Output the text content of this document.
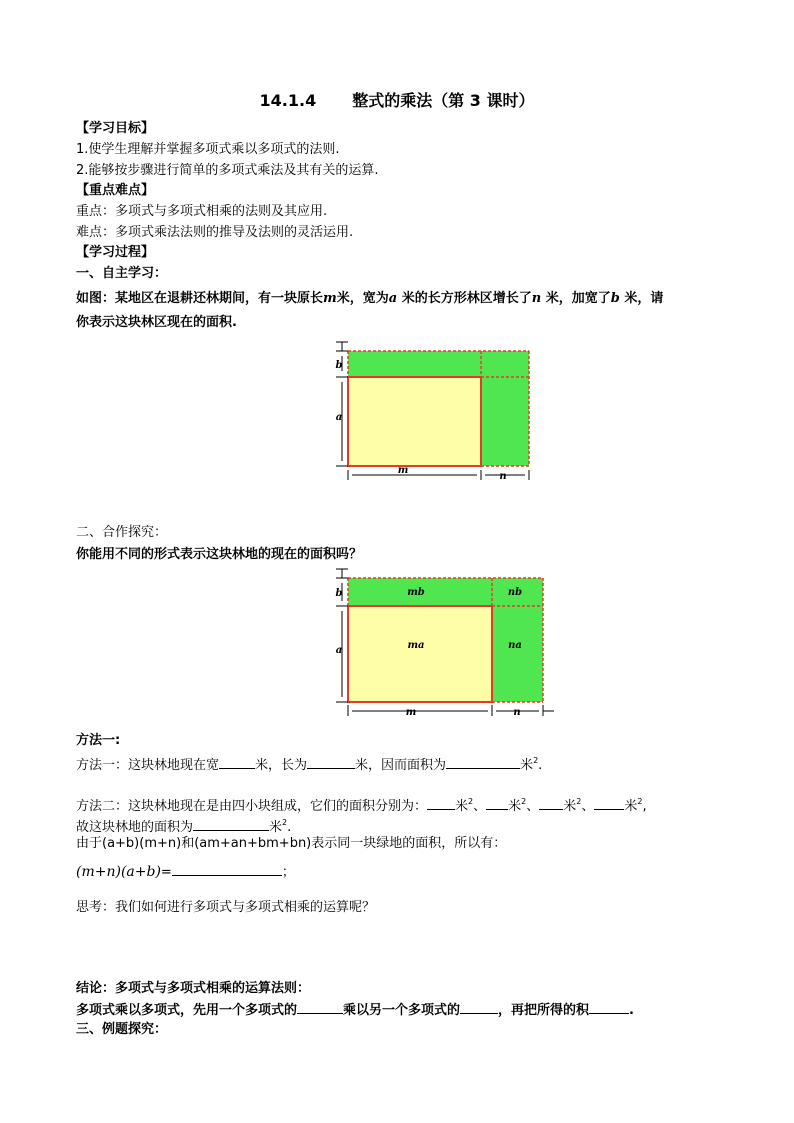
14.1.4 整式的乘法（第 3 课时）
【学习目标】
1.使学生理解并掌握多项式乘以多项式的法则.
2.能够按步骤进行简单的多项式乘法及其有关的运算.
【重点难点】
重点：多项式与多项式相乘的法则及其应用.
难点：多项式乘法法则的推导及法则的灵活运用.
【学习过程】
一、自主学习：
如图：某地区在退耕还林期间，有一块原长m米，宽为a 米的长方形林区增长了n 米，加宽了b 米，请
你表示这块林区现在的面积.
b
a
m
n
二、合作探究：
你能用不同的形式表示这块林地的现在的面积吗？
b
a
m	n
mb	nb
ma	na
方法一:
方法一：这块林地现在宽	米，长为	米，因而面积为	米$^2$.
方法二：这块林地现在是由四小块组成，它们的面积分别为： 米$^2$、 米$^2$、 米$^2$、 米$^2$,
故这块林地的面积为	米$^2$.
由于(a+b)(m+n)和(am+an+bm+bn)表示同一块绿地的面积，所以有：
(m+n)(a+b)=	；
思考：我们如何进行多项式与多项式相乘的运算呢？
结论：多项式与多项式相乘的运算法则：
多项式乘以多项式，先用一个多项式的	乘以另一个多项式的	，再把所得的积	.
三、例题探究：
